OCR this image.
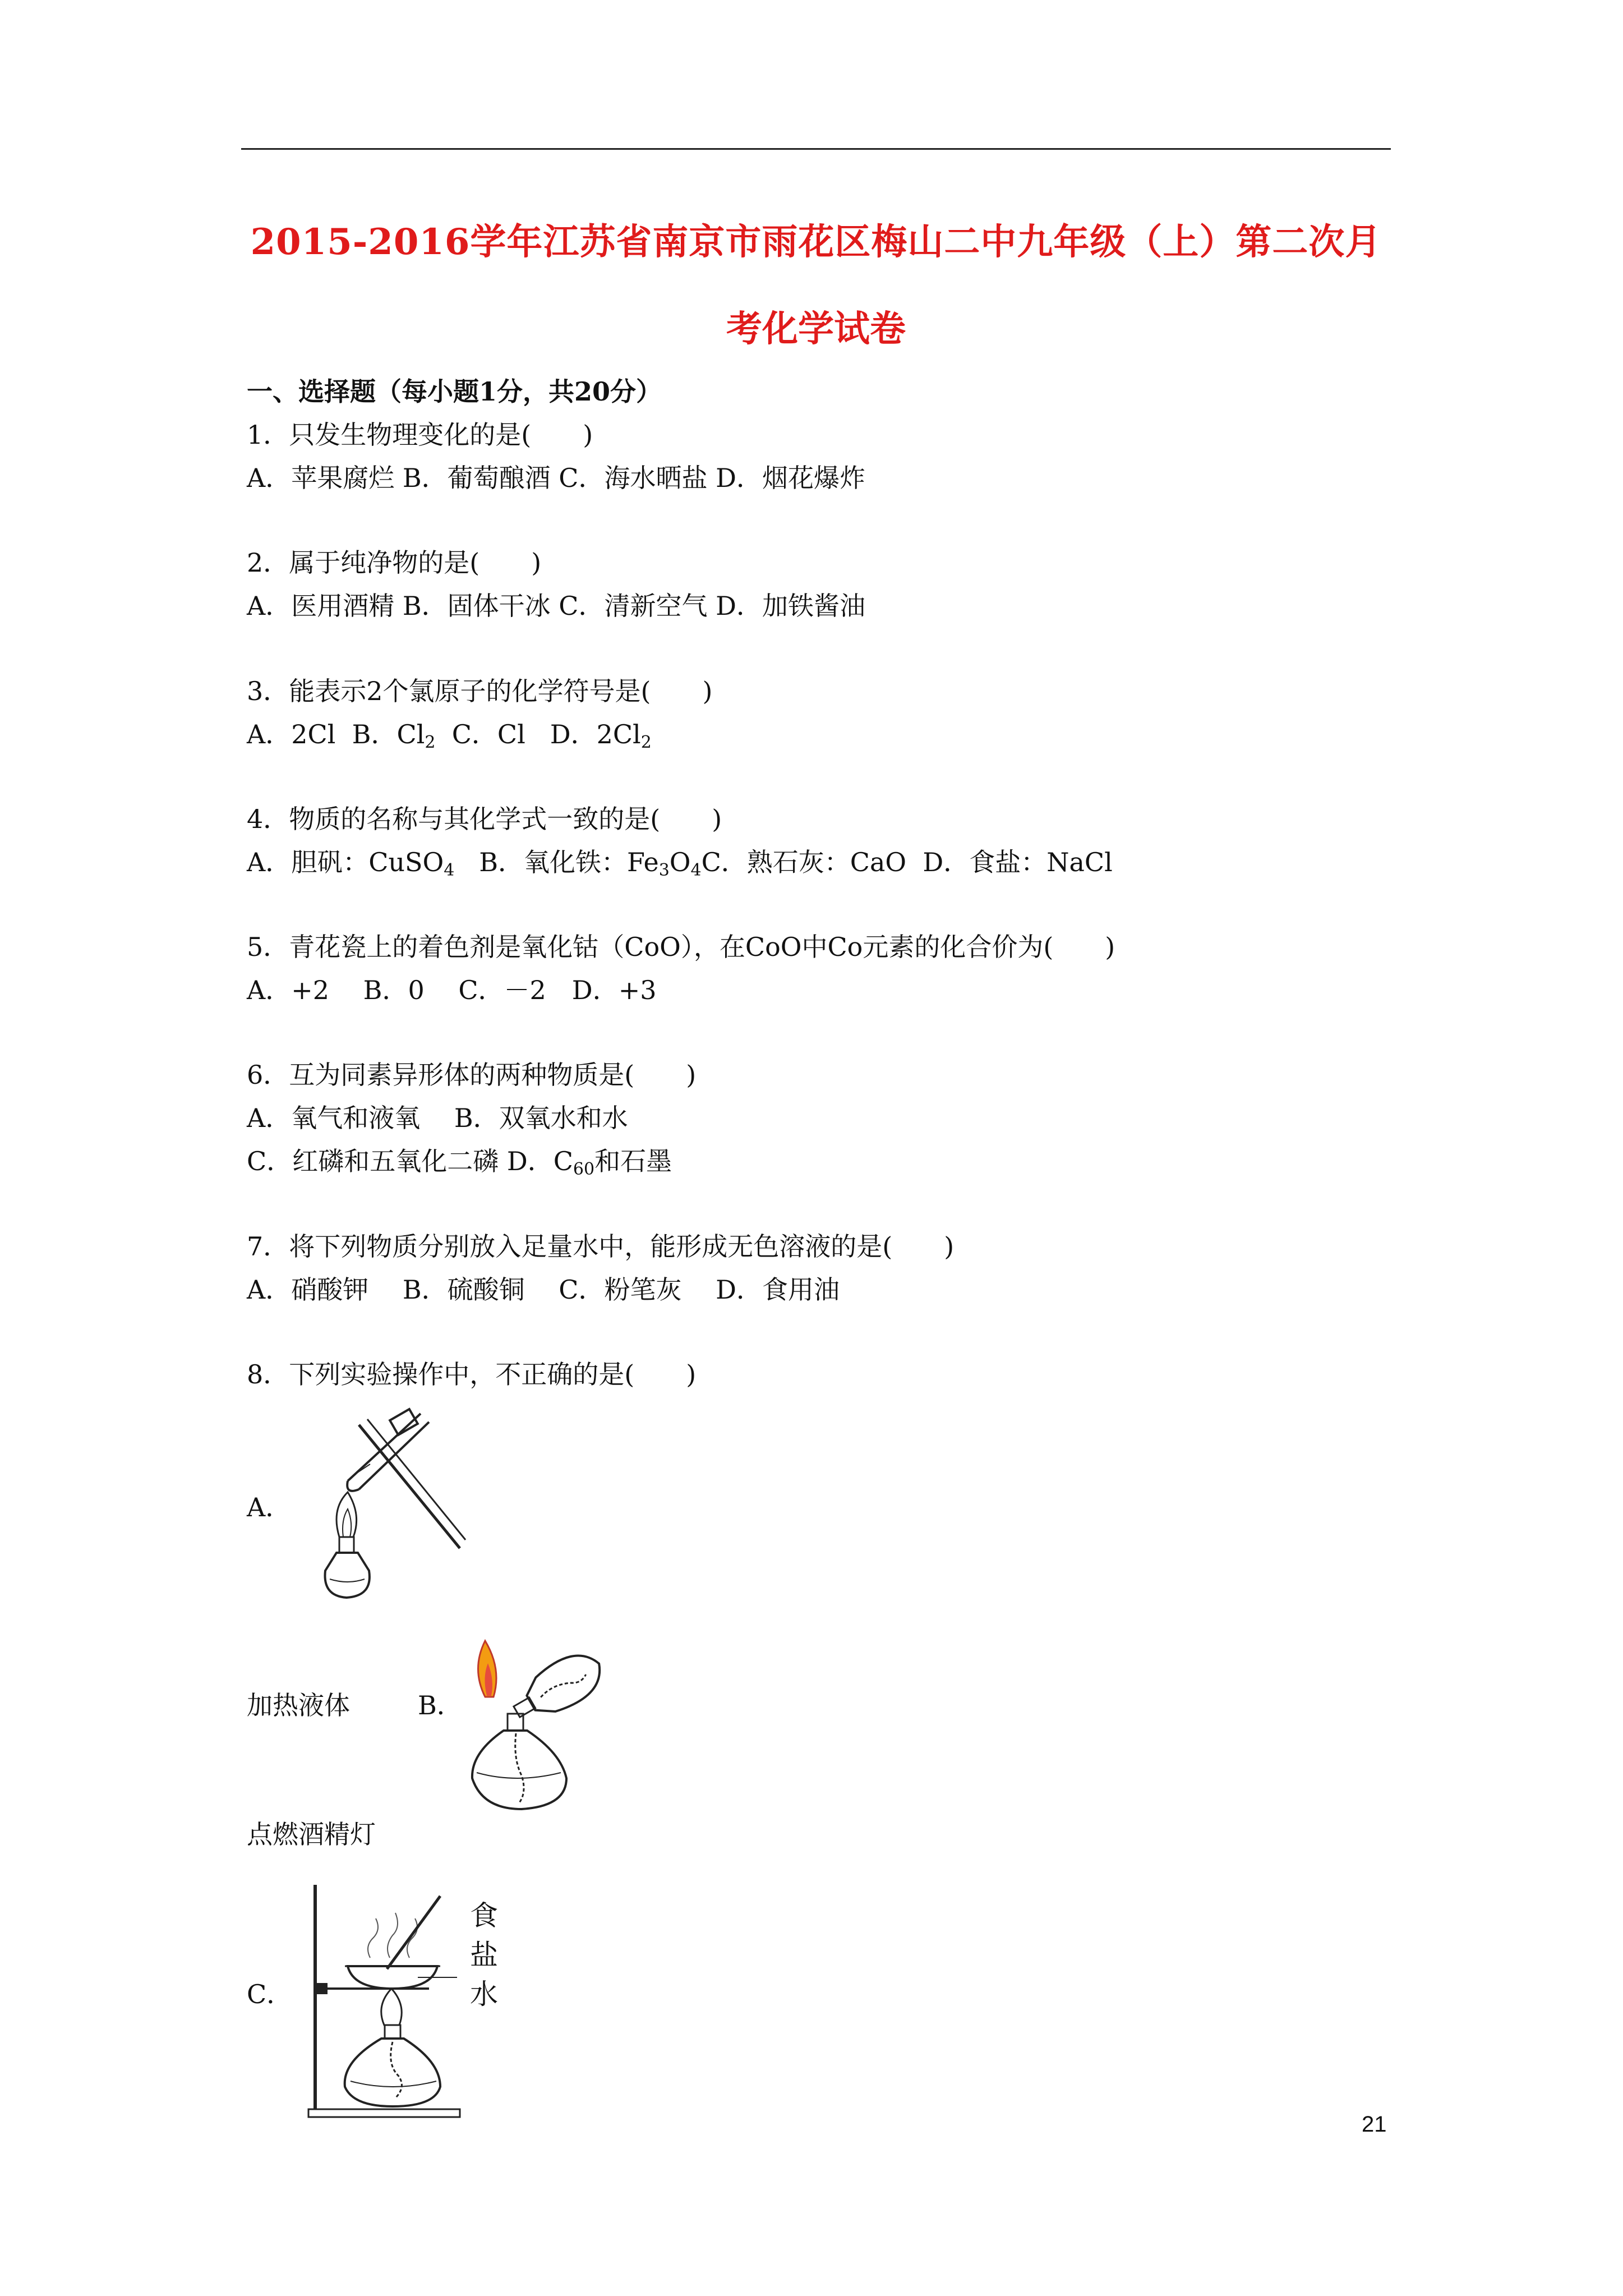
2015-2016学年江苏省南京市雨花区梅山二中九年级（上）第二次月
考化学试卷
一、选择题（每小题1分，共20分）
1．只发生物理变化的是(　　)
A．苹果腐烂 B．葡萄酿酒 C．海水晒盐 D．烟花爆炸
2．属于纯净物的是(　　)
A．医用酒精 B．固体干冰 C．清新空气 D．加铁酱油
3．能表示2个氯原子的化学符号是(　　)
A．2Cl B．$Cl_2$ C．Cl D．$2Cl_2$
4．物质的名称与其化学式一致的是(　　)
A．胆矾：CuSO$_4$ B．氧化铁：$Fe_3O_4C$．熟石灰：CaO D．食盐：NaCl
5．青花瓷上的着色剂是氧化钴（CoO），在CoO中Co元素的化合价为(　　)
A．+2　 B．0　 C．－2　D．+3
6．互为同素异形体的两种物质是(　　)
A．氧气和液氧　 B．双氧水和水
C．红磷和五氧化二磷 D．$C_{60}$和石墨
7．将下列物质分别放入足量水中，能形成无色溶液的是(　　)
A．硝酸钾　 B．硫酸铜　 C．粉笔灰　 D．食用油
8．下列实验操作中，不正确的是(　　)
A．
加热液体	B．
点燃酒精灯
C．
食
盐
水
21
